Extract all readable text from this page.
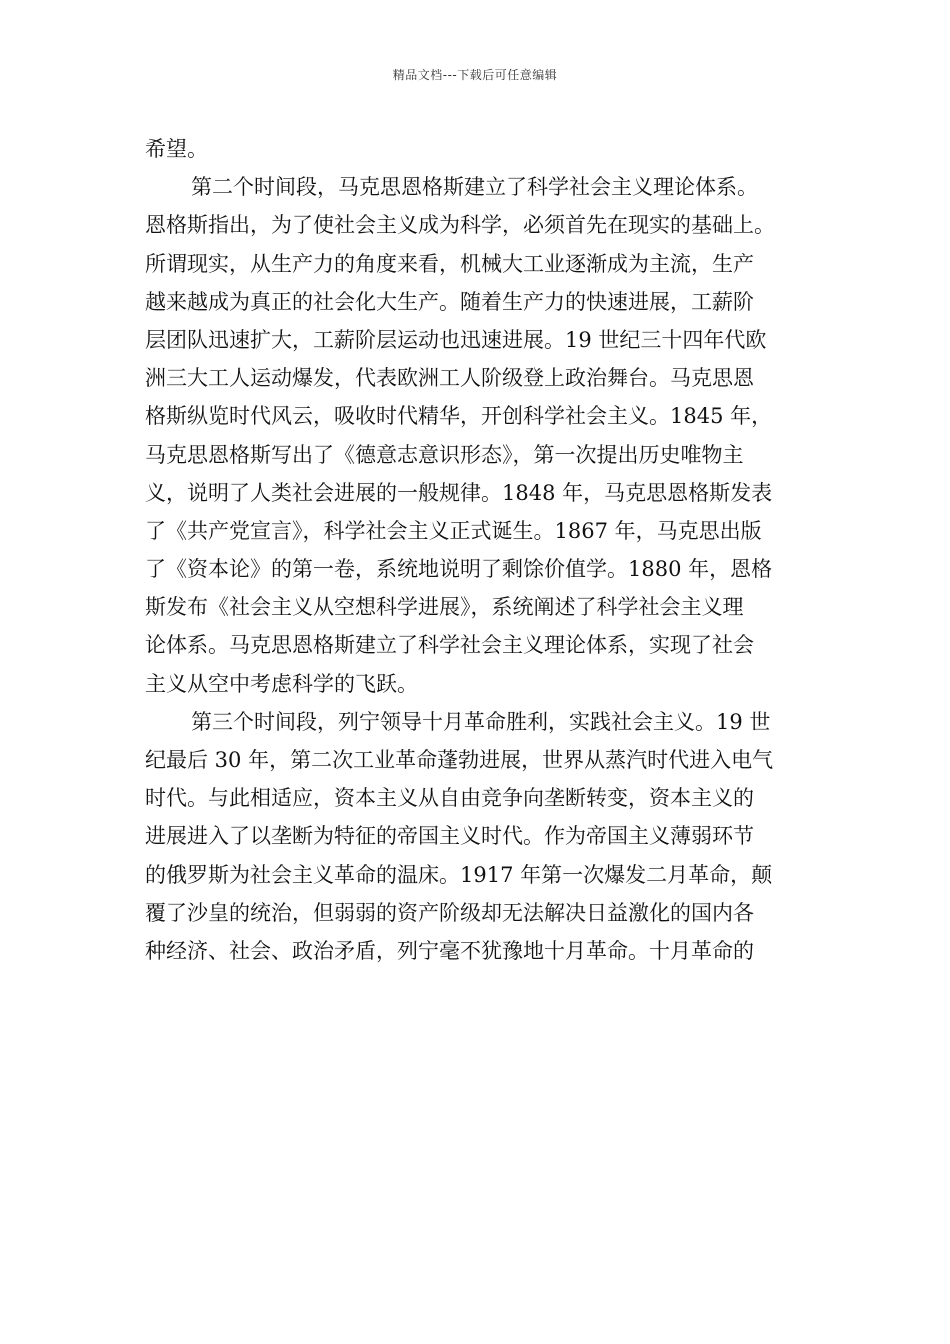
精品文档---下载后可任意编辑
希望。
第二个时间段，马克思恩格斯建立了科学社会主义理论体系。
恩格斯指出，为了使社会主义成为科学，必须首先在现实的基础上。
所谓现实，从生产力的角度来看，机械大工业逐渐成为主流，生产
越来越成为真正的社会化大生产。随着生产力的快速进展，工薪阶
层团队迅速扩大，工薪阶层运动也迅速进展。19 世纪三十四年代欧
洲三大工人运动爆发，代表欧洲工人阶级登上政治舞台。马克思恩
格斯纵览时代风云，吸收时代精华，开创科学社会主义。1845 年，
马克思恩格斯写出了《德意志意识形态》，第一次提出历史唯物主
义，说明了人类社会进展的一般规律。1848 年，马克思恩格斯发表
了《共产党宣言》，科学社会主义正式诞生。1867 年，马克思出版
了《资本论》的第一卷，系统地说明了剩馀价值学。1880 年，恩格
斯发布《社会主义从空想科学进展》，系统阐述了科学社会主义理
论体系。马克思恩格斯建立了科学社会主义理论体系，实现了社会
主义从空中考虑科学的飞跃。
第三个时间段，列宁领导十月革命胜利，实践社会主义。19 世
纪最后 30 年，第二次工业革命蓬勃进展，世界从蒸汽时代进入电气
时代。与此相适应，资本主义从自由竞争向垄断转变，资本主义的
进展进入了以垄断为特征的帝国主义时代。作为帝国主义薄弱环节
的俄罗斯为社会主义革命的温床。1917 年第一次爆发二月革命，颠
覆了沙皇的统治，但弱弱的资产阶级却无法解决日益激化的国内各
种经济、社会、政治矛盾，列宁毫不犹豫地十月革命。十月革命的
